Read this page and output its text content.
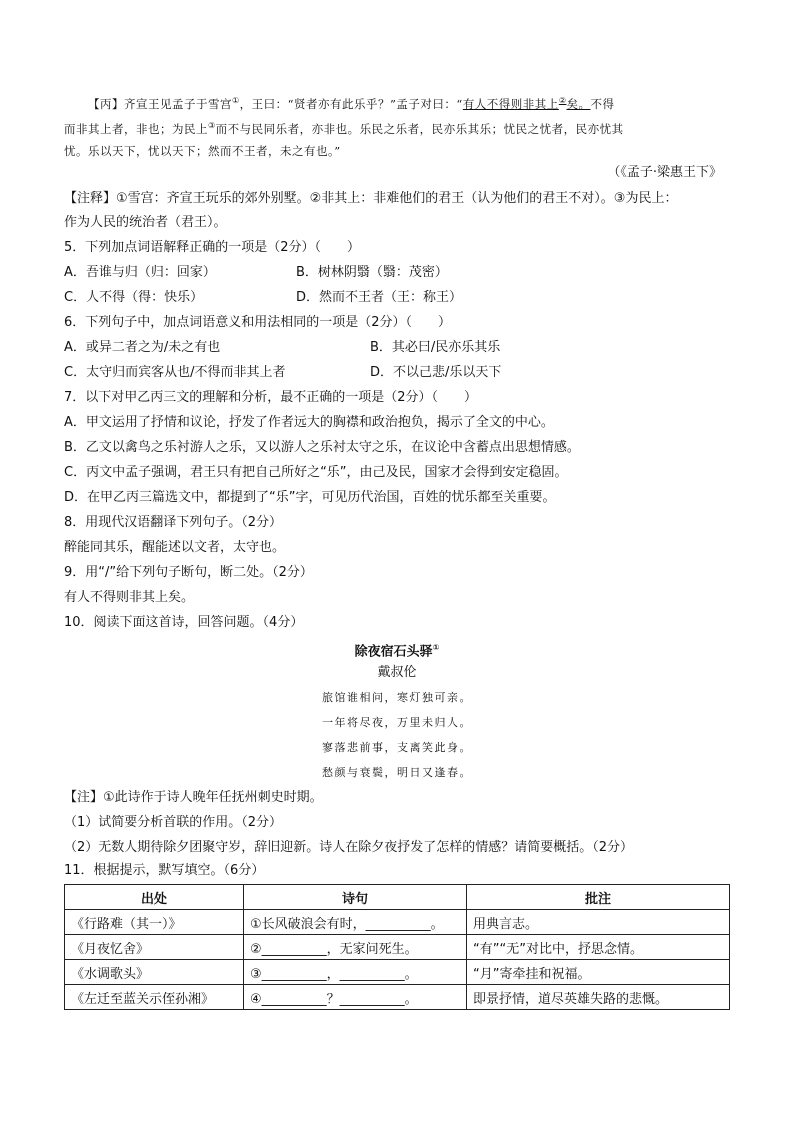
【丙】齐宣王见孟子于雪宫①，王曰：“贤者亦有此乐乎？”孟子对曰：“有人不得则非其上②矣。不得
而非其上者，非也；为民上③而不与民同乐者，亦非也。乐民之乐者，民亦乐其乐；忧民之忧者，民亦忧其
忧。乐以天下，忧以天下；然而不王者，未之有也。”
（《孟子·梁惠王下》
【注释】①雪宫：齐宣王玩乐的郊外别墅。②非其上：非难他们的君王（认为他们的君王不对）。③为民上：
作为人民的统治者（君王）。
5．下列加点词语解释正确的一项是（2分）（　　）
A．吾谁与归（归：回家）	B．树林阴翳（翳：茂密）
C．人不得（得：快乐）	D．然而不王者（王：称王）
6．下列句子中，加点词语意义和用法相同的一项是（2分）（　　）
A．或异二者之为/未之有也	B．其必曰/民亦乐其乐
C．太守归而宾客从也/不得而非其上者	D．不以己悲/乐以天下
7．以下对甲乙丙三文的理解和分析，最不正确的一项是（2分）（　　）
A．甲文运用了抒情和议论，抒发了作者远大的胸襟和政治抱负，揭示了全文的中心。
B．乙文以禽鸟之乐衬游人之乐，又以游人之乐衬太守之乐，在议论中含蓄点出思想情感。
C．丙文中孟子强调，君王只有把自己所好之“乐”，由己及民，国家才会得到安定稳固。
D．在甲乙丙三篇选文中，都提到了“乐”字，可见历代治国，百姓的忧乐都至关重要。
8．用现代汉语翻译下列句子。（2分）
醉能同其乐，醒能述以文者，太守也。
9．用“/”给下列句子断句，断二处。（2分）
有人不得则非其上矣。
10．阅读下面这首诗，回答问题。（4分）
除夜宿石头驿①
戴叔伦
旅馆谁相问，寒灯独可亲。
一年将尽夜，万里未归人。
寥落悲前事，支离笑此身。
愁颜与衰鬓，明日又逢春。
【注】①此诗作于诗人晚年任抚州刺史时期。
（1）试简要分析首联的作用。（2分）
（2）无数人期待除夕团聚守岁，辞旧迎新。诗人在除夕夜抒发了怎样的情感？请简要概括。（2分）
11．根据提示，默写填空。（6分）
出处	诗句	批注
《行路难（其一）》	①长风破浪会有时，__________。	用典言志。
《月夜忆舍》	②__________，无家问死生。	“有”“无”对比中，抒思念情。
《水调歌头》	③__________，__________。	“月”寄牵挂和祝福。
《左迁至蓝关示侄孙湘》	④__________？__________。	即景抒情，道尽英雄失路的悲慨。
